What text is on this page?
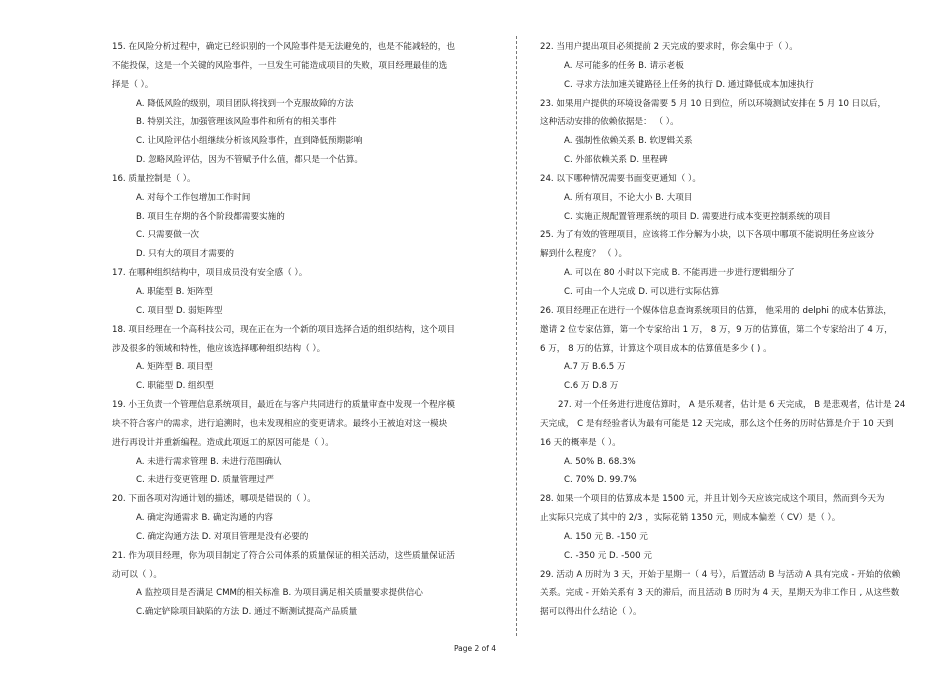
15. 在风险分析过程中，确定已经识别的一个风险事件是无法避免的，也是不能减轻的，也
不能投保，这是一个关键的风险事件，一旦发生可能造成项目的失败，项目经理最佳的选
择是（ ）。
A. 降低风险的级别，项目团队将找到一个克服故障的方法
B. 特别关注，加强管理该风险事件和所有的相关事件
C. 让风险评估小组继续分析该风险事件，直到降低预期影响
D. 忽略风险评估，因为不管赋予什么值，都只是一个估算。
16. 质量控制是（ ）。
A. 对每个工作包增加工作时间
B. 项目生存期的各个阶段都需要实施的
C. 只需要做一次
D. 只有大的项目才需要的
17. 在哪种组织结构中，项目成员没有安全感（ ）。
A. 职能型 B. 矩阵型
C. 项目型 D. 弱矩阵型
18. 项目经理在一个高科技公司，现在正在为一个新的项目选择合适的组织结构，这个项目
涉及很多的领域和特性，他应该选择哪种组织结构（ ）。
A. 矩阵型 B. 项目型
C. 职能型 D. 组织型
19. 小王负责一个管理信息系统项目，最近在与客户共同进行的质量审查中发现一个程序模
块不符合客户的需求，进行追溯时，也未发现相应的变更请求。最终小王被迫对这一模块
进行再设计并重新编程。造成此项返工的原因可能是（ ）。
A. 未进行需求管理 B. 未进行范围确认
C. 未进行变更管理 D. 质量管理过严
20. 下面各项对沟通计划的描述，哪项是错误的（ ）。
A. 确定沟通需求 B. 确定沟通的内容
C. 确定沟通方法 D. 对项目管理是没有必要的
21. 作为项目经理，你为项目制定了符合公司体系的质量保证的相关活动，这些质量保证活
动可以（ ）。
A 监控项目是否满足 CMM的相关标准 B. 为项目满足相关质量要求提供信心
C.确定铲除项目缺陷的方法 D. 通过不断测试提高产品质量
22. 当用户提出项目必须提前 2 天完成的要求时，你会集中于（ ）。
A. 尽可能多的任务 B. 请示老板
C. 寻求方法加速关键路径上任务的执行 D. 通过降低成本加速执行
23. 如果用户提供的环境设备需要 5 月 10 日到位，所以环境测试安排在 5 月 10 日以后，
这种活动安排的依赖依据是： （ ）。
A. 强制性依赖关系 B. 软逻辑关系
C. 外部依赖关系 D. 里程碑
24. 以下哪种情况需要书面变更通知（ ）。
A. 所有项目，不论大小 B. 大项目
C. 实施正规配置管理系统的项目 D. 需要进行成本变更控制系统的项目
25. 为了有效的管理项目，应该将工作分解为小块，以下各项中哪项不能说明任务应该分
解到什么程度？ （ ）。
A. 可以在 80 小时以下完成 B. 不能再进一步进行逻辑细分了
C. 可由一个人完成 D. 可以进行实际估算
26. 项目经理正在进行一个媒体信息查询系统项目的估算， 他采用的 delphi 的成本估算法，
邀请 2 位专家估算，第一个专家给出 1 万， 8 万，9 万的估算值，第二个专家给出了 4 万，
6 万， 8 万的估算，计算这个项目成本的估算值是多少 ( ) 。
A.7 万 B.6.5 万
C.6 万 D.8 万
27. 对一个任务进行进度估算时， A 是乐观者，估计是 6 天完成， B 是悲观者，估计是 24
天完成， C 是有经验者认为最有可能是 12 天完成，那么这个任务的历时估算是介于 10 天到
16 天的概率是（ ）。
A. 50% B. 68.3%
C. 70% D. 99.7%
28. 如果一个项目的估算成本是 1500 元，并且计划今天应该完成这个项目，然而到今天为
止实际只完成了其中的 2/3 ，实际花销 1350 元，则成本偏差（ CV）是（ ）。
A. 150 元 B. -150 元
C. -350 元 D. -500 元
29. 活动 A 历时为 3 天，开始于星期一（ 4 号），后置活动 B 与活动 A 具有完成 - 开始的依赖
关系。完成 - 开始关系有 3 天的滞后，而且活动 B 历时为 4 天，星期天为非工作日 , 从这些数
据可以得出什么结论（ ）。
Page 2 of 4
